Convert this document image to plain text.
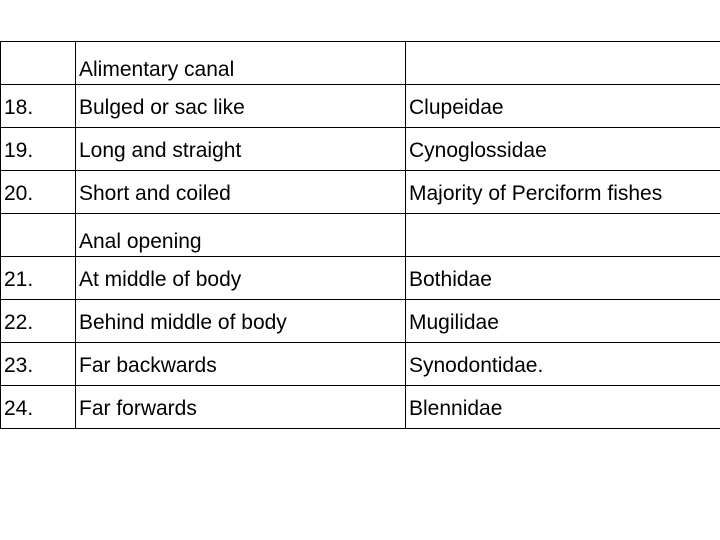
	Alimentary canal	
18.	Bulged or sac like	Clupeidae
19.	Long and straight	Cynoglossidae
20.	Short and coiled	Majority of Perciform fishes
	Anal opening	
21.	At middle of body	Bothidae
22.	Behind middle of body	Mugilidae
23.	Far backwards	Synodontidae.
24.	Far forwards	Blennidae
